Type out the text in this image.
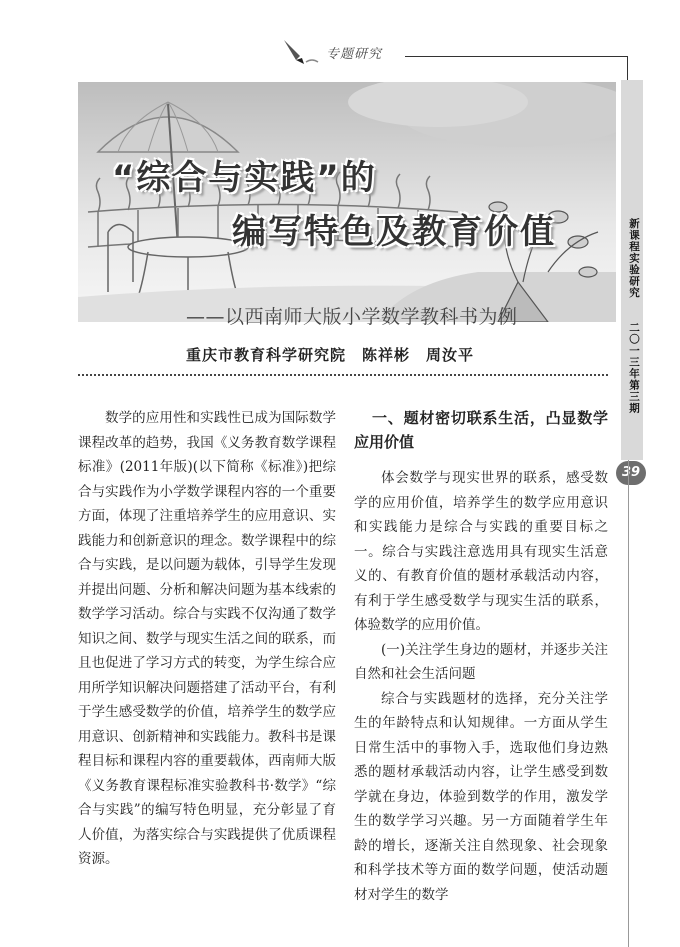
专题研究
新课程实验研究
二〇一三年第三期
39
“综合与实践”的
编写特色及教育价值
——以西南师大版小学数学教科书为例
重庆市教育科学研究院　陈祥彬　周汝平

数学的应用性和实践性已成为国际数学课程改革的趋势，我国《义务教育数学课程标准》(2011年版)(以下简称《标准》)把综合与实践作为小学数学课程内容的一个重要方面，体现了注重培养学生的应用意识、实践能力和创新意识的理念。数学课程中的综合与实践，是以问题为载体，引导学生发现并提出问题、分析和解决问题为基本线索的数学学习活动。综合与实践不仅沟通了数学知识之间、数学与现实生活之间的联系，而且也促进了学习方式的转变，为学生综合应用所学知识解决问题搭建了活动平台，有利于学生感受数学的价值，培养学生的数学应用意识、创新精神和实践能力。教科书是课程目标和课程内容的重要载体，西南师大版《义务教育课程标准实验教科书·数学》“综合与实践”的编写特色明显，充分彰显了育人价值，为落实综合与实践提供了优质课程资源。

一、题材密切联系生活，凸显数学应用价值

体会数学与现实世界的联系，感受数学的应用价值，培养学生的数学应用意识和实践能力是综合与实践的重要目标之一。综合与实践注意选用具有现实生活意义的、有教育价值的题材承载活动内容，有利于学生感受数学与现实生活的联系，体验数学的应用价值。

(一)关注学生身边的题材，并逐步关注自然和社会生活问题

综合与实践题材的选择，充分关注学生的年龄特点和认知规律。一方面从学生日常生活中的事物入手，选取他们身边熟悉的题材承载活动内容，让学生感受到数学就在身边，体验到数学的作用，激发学生的数学学习兴趣。另一方面随着学生年龄的增长，逐渐关注自然现象、社会现象和科学技术等方面的数学问题，使活动题材对学生的数学
